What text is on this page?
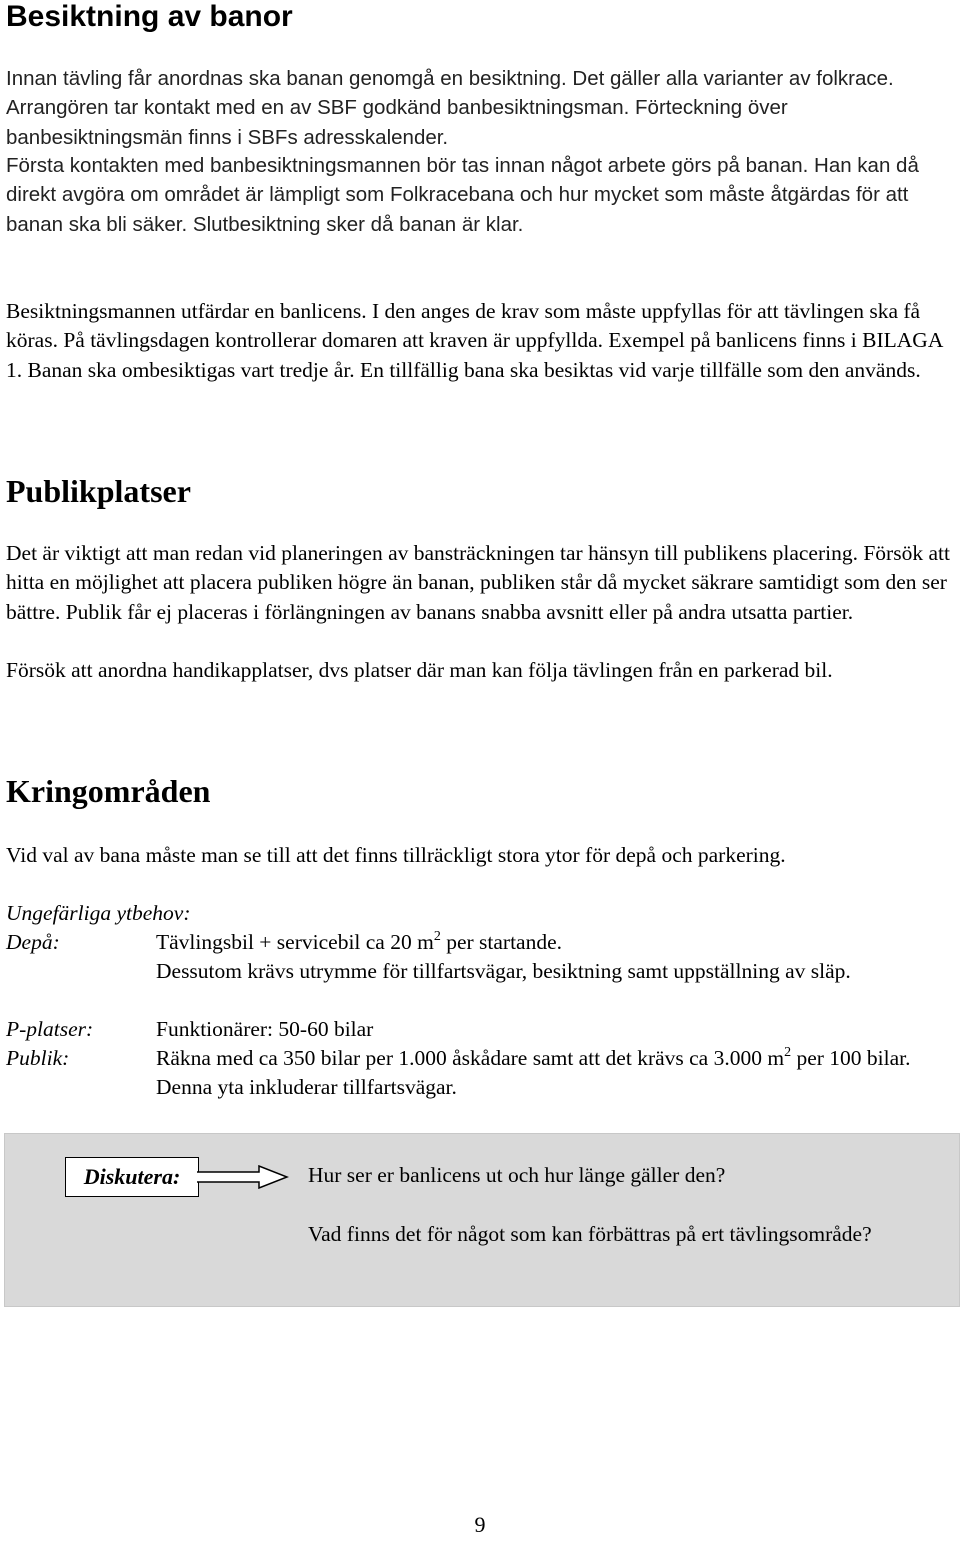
Besiktning av banor

Innan tävling får anordnas ska banan genomgå en besiktning. Det gäller alla varianter av folkrace. Arrangören tar kontakt med en av SBF godkänd banbesiktningsman. Förteckning över banbesiktningsmän finns i SBFs adresskalender.

Första kontakten med banbesiktningsmannen bör tas innan något arbete görs på banan. Han kan då direkt avgöra om området är lämpligt som Folkracebana och hur mycket som måste åtgärdas för att banan ska bli säker. Slutbesiktning sker då banan är klar.

Besiktningsmannen utfärdar en banlicens. I den anges de krav som måste uppfyllas för att tävlingen ska få köras. På tävlingsdagen kontrollerar domaren att kraven är uppfyllda. Exempel på banlicens finns i BILAGA 1. Banan ska ombesiktigas vart tredje år. En tillfällig bana ska besiktas vid varje tillfälle som den används.

Publikplatser

Det är viktigt att man redan vid planeringen av bansträckningen tar hänsyn till publikens placering. Försök att hitta en möjlighet att placera publiken högre än banan, publiken står då mycket säkrare samtidigt som den ser bättre. Publik får ej placeras i förlängningen av banans snabba avsnitt eller på andra utsatta partier.

Försök att anordna handikapplatser, dvs platser där man kan följa tävlingen från en parkerad bil.

Kringområden

Vid val av bana måste man se till att det finns tillräckligt stora ytor för depå och parkering.

Ungefärliga ytbehov:
Depå:	Tävlingsbil + servicebil ca 20 $m^2$ per startande.
Dessutom krävs utrymme för tillfartsvägar, besiktning samt uppställning av släp.
P-platser:	Funktionärer: 50-60 bilar
Publik:	Räkna med ca 350 bilar per 1.000 åskådare samt att det krävs ca 3.000 $m^2$ per 100 bilar. Denna yta inkluderar tillfartsvägar.
Diskutera:	Hur ser er banlicens ut och hur länge gäller den?
Vad finns det för något som kan förbättras på ert tävlingsområde?
9
